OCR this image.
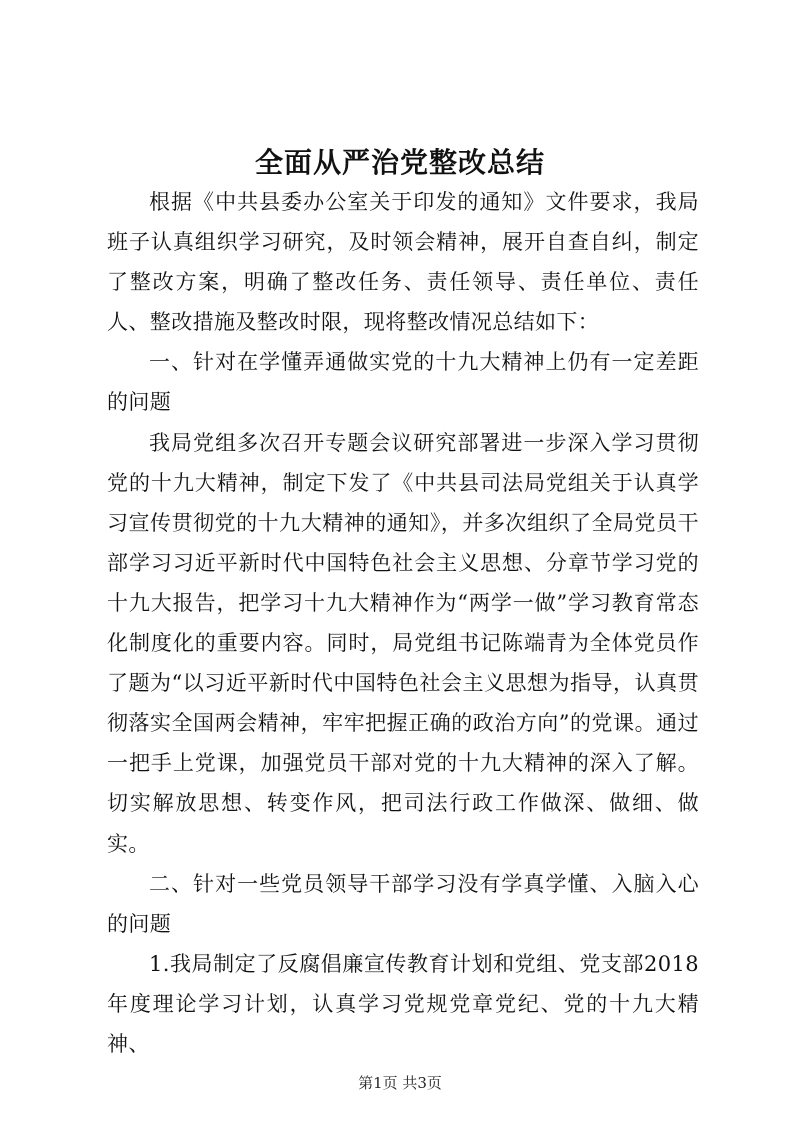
全面从严治党整改总结

根据《中共县委办公室关于印发的通知》文件要求，我局班子认真组织学习研究，及时领会精神，展开自查自纠，制定了整改方案，明确了整改任务、责任领导、责任单位、责任人、整改措施及整改时限，现将整改情况总结如下：

一、针对在学懂弄通做实党的十九大精神上仍有一定差距的问题

我局党组多次召开专题会议研究部署进一步深入学习贯彻党的十九大精神，制定下发了《中共县司法局党组关于认真学习宣传贯彻党的十九大精神的通知》，并多次组织了全局党员干部学习习近平新时代中国特色社会主义思想、分章节学习党的十九大报告，把学习十九大精神作为“两学一做”学习教育常态化制度化的重要内容。同时，局党组书记陈端青为全体党员作了题为“以习近平新时代中国特色社会主义思想为指导，认真贯彻落实全国两会精神，牢牢把握正确的政治方向”的党课。通过一把手上党课，加强党员干部对党的十九大精神的深入了解。切实解放思想、转变作风，把司法行政工作做深、做细、做实。

二、针对一些党员领导干部学习没有学真学懂、入脑入心的问题

1.我局制定了反腐倡廉宣传教育计划和党组、党支部2018年度理论学习计划，认真学习党规党章党纪、党的十九大精神、

第1页 共3页
